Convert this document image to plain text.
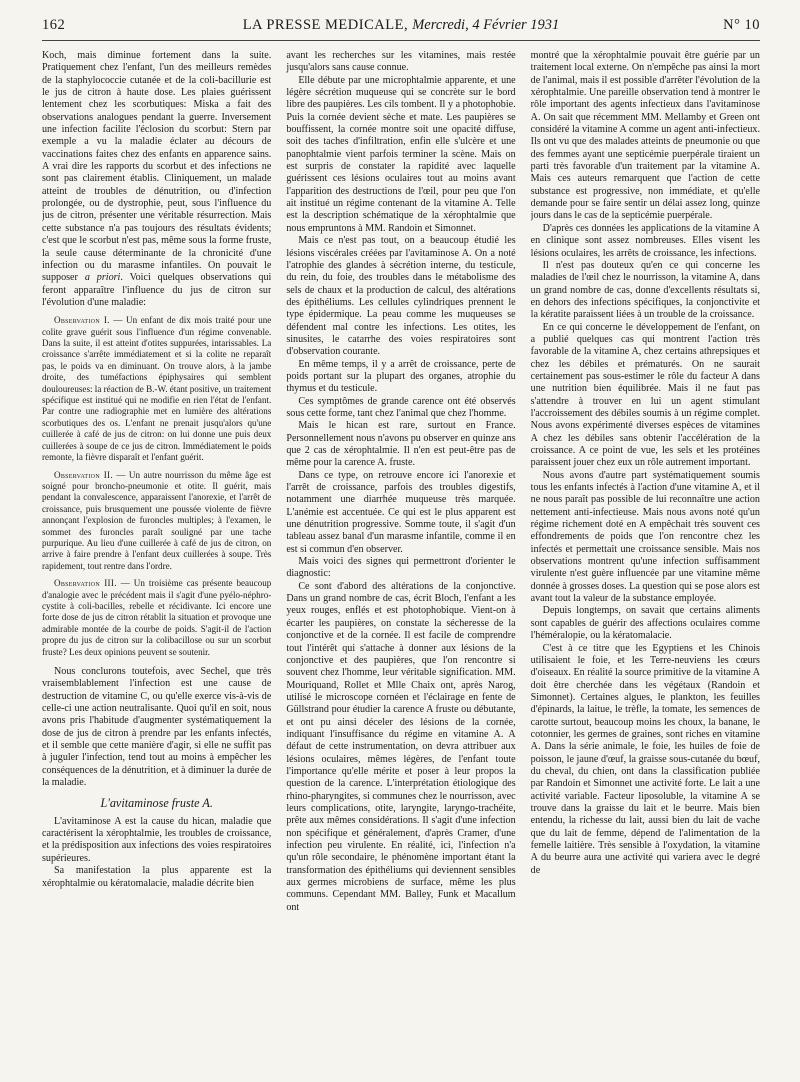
162	LA PRESSE MEDICALE, Mercredi, 4 Février 1931	N° 10

Koch, mais diminue fortement dans la suite. Pratiquement chez l'enfant, l'un des meilleurs remèdes de la staphylococcie cutanée et de la coli-bacillurie est le jus de citron à haute dose. Les plaies guérissent lentement chez les scorbutiques: Miska a fait des observations analogues pendant la guerre. Inversement une infection facilite l'éclosion du scorbut: Stern par exemple a vu la maladie éclater au décours de vaccinations faites chez des enfants en apparence sains. A vrai dire les rapports du scorbut et des infections ne sont pas clairement établis. Cliniquement, un malade atteint de troubles de dénutrition, ou d'infection prolongée, ou de dystrophie, peut, sous l'influence du jus de citron, présenter une véritable résurrection. Mais cette substance n'a pas toujours des résultats évidents; c'est que le scorbut n'est pas, même sous la forme fruste, la seule cause déterminante de la chronicité d'une infection ou du marasme infantiles. On pouvait le supposer a priori. Voici quelques observations qui feront apparaître l'influence du jus de citron sur l'évolution d'une maladie:

Observation I. — Un enfant de dix mois traité pour une colite grave guérit sous l'influence d'un régime convenable. Dans la suite, il est atteint d'otites suppurées, intarissables. La croissance s'arrête immédiatement et si la colite ne reparaît pas, le poids va en diminuant. On trouve alors, à la jambe droite, des tuméfactions épiphysaires qui semblent douloureuses: la réaction de B.-W. étant positive, un traitement spécifique est institué qui ne modifie en rien l'état de l'enfant. Par contre une radiographie met en lumière des altérations scorbutiques des os. L'enfant ne prenait jusqu'alors qu'une cuillerée à café de jus de citron: on lui donne une puis deux cuillerées à soupe de ce jus de citron. Immédiatement le poids remonte, la fièvre disparaît et l'enfant guérit.

Observation II. — Un autre nourrisson du même âge est soigné pour broncho-pneumonie et otite. Il guérit, mais pendant la convalescence, apparaissent l'anorexie, et l'arrêt de croissance, puis brusquement une poussée violente de fièvre annonçant l'explosion de furoncles multiples; à l'examen, le sommet des furoncles paraît souligné par une tache purpurique. Au lieu d'une cuillerée à café de jus de citron, on arrive à faire prendre à l'enfant deux cuillerées à soupe. Très rapidement, tout rentre dans l'ordre.

Observation III. — Un troisième cas présente beaucoup d'analogie avec le précédent mais il s'agit d'une pyélo-néphro-cystite à coli-bacilles, rebelle et récidivante. Ici encore une forte dose de jus de citron rétablit la situation et provoque une admirable montée de la courbe de poids. S'agit-il de l'action propre du jus de citron sur la colibacillose ou sur un scorbut fruste? Les deux opinions peuvent se soutenir.

Nous conclurons toutefois, avec Sechel, que très vraisemblablement l'infection est une cause de destruction de vitamine C, ou qu'elle exerce vis-à-vis de celle-ci une action neutralisante. Quoi qu'il en soit, nous avons pris l'habitude d'augmenter systématiquement la dose de jus de citron à prendre par les enfants infectés, et il semble que cette manière d'agir, si elle ne suffit pas à juguler l'infection, tend tout au moins à empêcher les conséquences de la dénutrition, et à diminuer la durée de la maladie.

L'avitaminose fruste A.

L'avitaminose A est la cause du hican, maladie que caractérisent la xérophtalmie, les troubles de croissance, et la prédisposition aux infections des voies respiratoires supérieures.

Sa manifestation la plus apparente est la xérophtalmie ou kératomalacie, maladie décrite bien

avant les recherches sur les vitamines, mais restée jusqu'alors sans cause connue.

Elle débute par une microphtalmie apparente, et une légère sécrétion muqueuse qui se concrète sur le bord libre des paupières. Les cils tombent. Il y a photophobie. Puis la cornée devient sèche et mate. Les paupières se bouffissent, la cornée montre soit une opacité diffuse, soit des taches d'infiltration, enfin elle s'ulcère et une panophtalmie vient parfois terminer la scène. Mais on est surpris de constater la rapidité avec laquelle guérissent ces lésions oculaires tout au moins avant l'apparition des destructions de l'œil, pour peu que l'on ait institué un régime contenant de la vitamine A. Telle est la description schématique de la xérophtalmie que nous empruntons à MM. Randoin et Simonnet.

Mais ce n'est pas tout, on a beaucoup étudié les lésions viscérales créées par l'avitaminose A. On a noté l'atrophie des glandes à sécrétion interne, du testicule, du rein, du foie, des troubles dans le métabolisme des sels de chaux et la production de calcul, des altérations des épithéliums. Les cellules cylindriques prennent le type épidermique. La peau comme les muqueuses se défendent mal contre les infections. Les otites, les sinusites, le catarrhe des voies respiratoires sont d'observation courante.

En même temps, il y a arrêt de croissance, perte de poids portant sur la plupart des organes, atrophie du thymus et du testicule.

Ces symptômes de grande carence ont été observés sous cette forme, tant chez l'animal que chez l'homme.

Mais le hican est rare, surtout en France. Personnellement nous n'avons pu observer en quinze ans que 2 cas de xérophtalmie. Il n'en est peut-être pas de même pour la carence A. fruste.

Dans ce type, on retrouve encore ici l'anorexie et l'arrêt de croissance, parfois des troubles digestifs, notamment une diarrhée muqueuse très marquée. L'anémie est accentuée. Ce qui est le plus apparent est une dénutrition progressive. Somme toute, il s'agit d'un tableau assez banal d'un marasme infantile, comme il en est si commun d'en observer.

Mais voici des signes qui permettront d'orienter le diagnostic:

Ce sont d'abord des altérations de la conjonctive. Dans un grand nombre de cas, écrit Bloch, l'enfant a les yeux rouges, enflés et est photophobique. Vient-on à écarter les paupières, on constate la sécheresse de la conjonctive et de la cornée. Il est facile de comprendre tout l'intérêt qui s'attache à donner aux lésions de la conjonctive et des paupières, que l'on rencontre si souvent chez l'homme, leur véritable signification. MM. Mouriquand, Rollet et Mlle Chaix ont, après Narog, utilisé le microscope cornéen et l'éclairage en fente de Güllstrand pour étudier la carence A fruste ou débutante, et ont pu ainsi déceler des lésions de la cornée, indiquant l'insuffisance du régime en vitamine A. A défaut de cette instrumentation, on devra attribuer aux lésions oculaires, mêmes légères, de l'enfant toute l'importance qu'elle mérite et poser à leur propos la question de la carence. L'interprétation étiologique des rhino-pharyngites, si communes chez le nourrisson, avec leurs complications, otite, laryngite, laryngo-trachéite, prête aux mêmes considérations. Il s'agit d'une infection non spécifique et généralement, d'après Cramer, d'une infection peu virulente. En réalité, ici, l'infection n'a qu'un rôle secondaire, le phénomène important étant la transformation des épithéliums qui deviennent sensibles aux germes microbiens de surface, même les plus communs. Cependant MM. Balley, Funk et Macallum ont

montré que la xérophtalmie pouvait être guérie par un traitement local externe. On n'empêche pas ainsi la mort de l'animal, mais il est possible d'arrêter l'évolution de la xérophtalmie. Une pareille observation tend à montrer le rôle important des agents infectieux dans l'avitaminose A. On sait que récemment MM. Mellamby et Green ont considéré la vitamine A comme un agent anti-infectieux. Ils ont vu que des malades atteints de pneumonie ou que des femmes ayant une septicémie puerpérale tiraient un parti très favorable d'un traitement par la vitamine A. Mais ces auteurs remarquent que l'action de cette substance est progressive, non immédiate, et qu'elle demande pour se faire sentir un délai assez long, quinze jours dans le cas de la septicémie puerpérale.

D'après ces données les applications de la vitamine A en clinique sont assez nombreuses. Elles visent les lésions oculaires, les arrêts de croissance, les infections.

Il n'est pas douteux qu'en ce qui concerne les maladies de l'œil chez le nourrisson, la vitamine A, dans un grand nombre de cas, donne d'excellents résultats si, en dehors des infections spécifiques, la conjonctivite et la kératite paraissent liées à un trouble de la croissance.

En ce qui concerne le développement de l'enfant, on a publié quelques cas qui montrent l'action très favorable de la vitamine A, chez certains athrepsiques et chez les débiles et prématurés. On ne saurait certainement pas sous-estimer le rôle du facteur A dans une nutrition bien équilibrée. Mais il ne faut pas s'attendre à trouver en lui un agent stimulant l'accroissement des débiles soumis à un régime complet. Nous avons expérimenté diverses espèces de vitamines A chez les débiles sans obtenir l'accélération de la croissance. A ce point de vue, les sels et les protéines paraissent jouer chez eux un rôle autrement important.

Nous avons d'autre part systématiquement soumis tous les enfants infectés à l'action d'une vitamine A, et il ne nous paraît pas possible de lui reconnaître une action nettement anti-infectieuse. Mais nous avons noté qu'un régime richement doté en A empêchait très souvent ces effondrements de poids que l'on rencontre chez les infectés et permettait une croissance sensible. Mais nos observations montrent qu'une infection suffisamment virulente n'est guère influencée par une vitamine même donnée à grosses doses. La question qui se pose alors est avant tout la valeur de la substance employée.

Depuis longtemps, on savait que certains aliments sont capables de guérir des affections oculaires comme l'héméralopie, ou la kératomalacie.

C'est à ce titre que les Egyptiens et les Chinois utilisaient le foie, et les Terre-neuviens les cœurs d'oiseaux. En réalité la source primitive de la vitamine A doit être cherchée dans les végétaux (Randoin et Simonnet). Certaines algues, le plankton, les feuilles d'épinards, la laitue, le trèfle, la tomate, les semences de carotte surtout, beaucoup moins les choux, la banane, le cotonnier, les germes de graines, sont riches en vitamine A. Dans la série animale, le foie, les huiles de foie de poisson, le jaune d'œuf, la graisse sous-cutanée du bœuf, du cheval, du chien, ont dans la classification publiée par Randoin et Simonnet une activité forte. Le lait a une activité variable. Facteur liposoluble, la vitamine A se trouve dans la graisse du lait et le beurre. Mais bien entendu, la richesse du lait, aussi bien du lait de vache que du lait de femme, dépend de l'alimentation de la femelle laitière. Très sensible à l'oxydation, la vitamine A du beurre aura une activité qui variera avec le degré de
